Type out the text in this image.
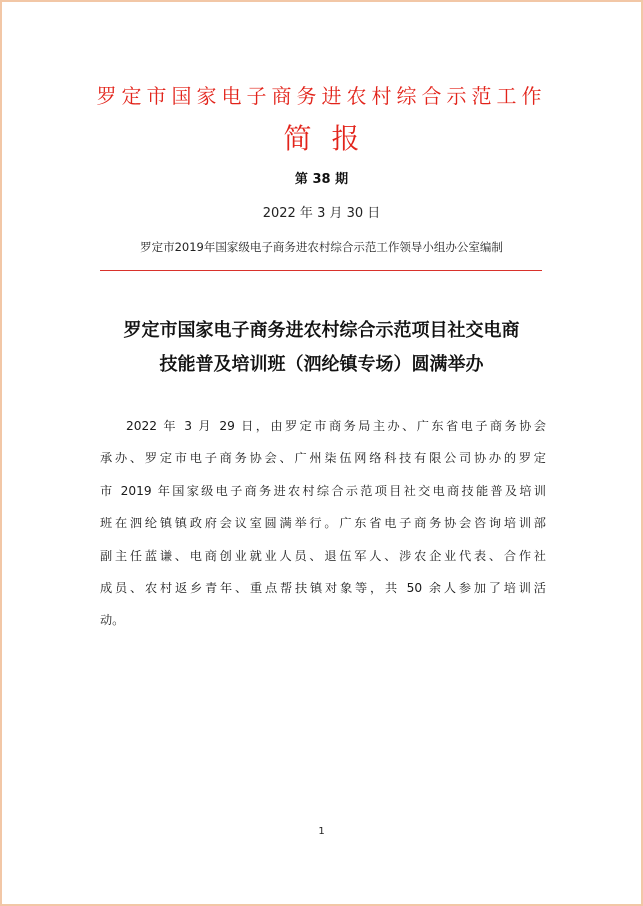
罗定市国家电子商务进农村综合示范工作
简报
第 38 期
2022 年 3 月 30 日
罗定市2019年国家级电子商务进农村综合示范工作领导小组办公室编制
罗定市国家电子商务进农村综合示范项目社交电商
技能普及培训班（泗纶镇专场）圆满举办
2022 年 3 月 29 日，由罗定市商务局主办、广东省电子商务协会
承办、罗定市电子商务协会、广州柒伍网络科技有限公司协办的罗定
市 2019 年国家级电子商务进农村综合示范项目社交电商技能普及培训
班在泗纶镇镇政府会议室圆满举行。广东省电子商务协会咨询培训部
副主任蓝谦、电商创业就业人员、退伍军人、涉农企业代表、合作社
成员、农村返乡青年、重点帮扶镇对象等，共 50 余人参加了培训活
动。
1
